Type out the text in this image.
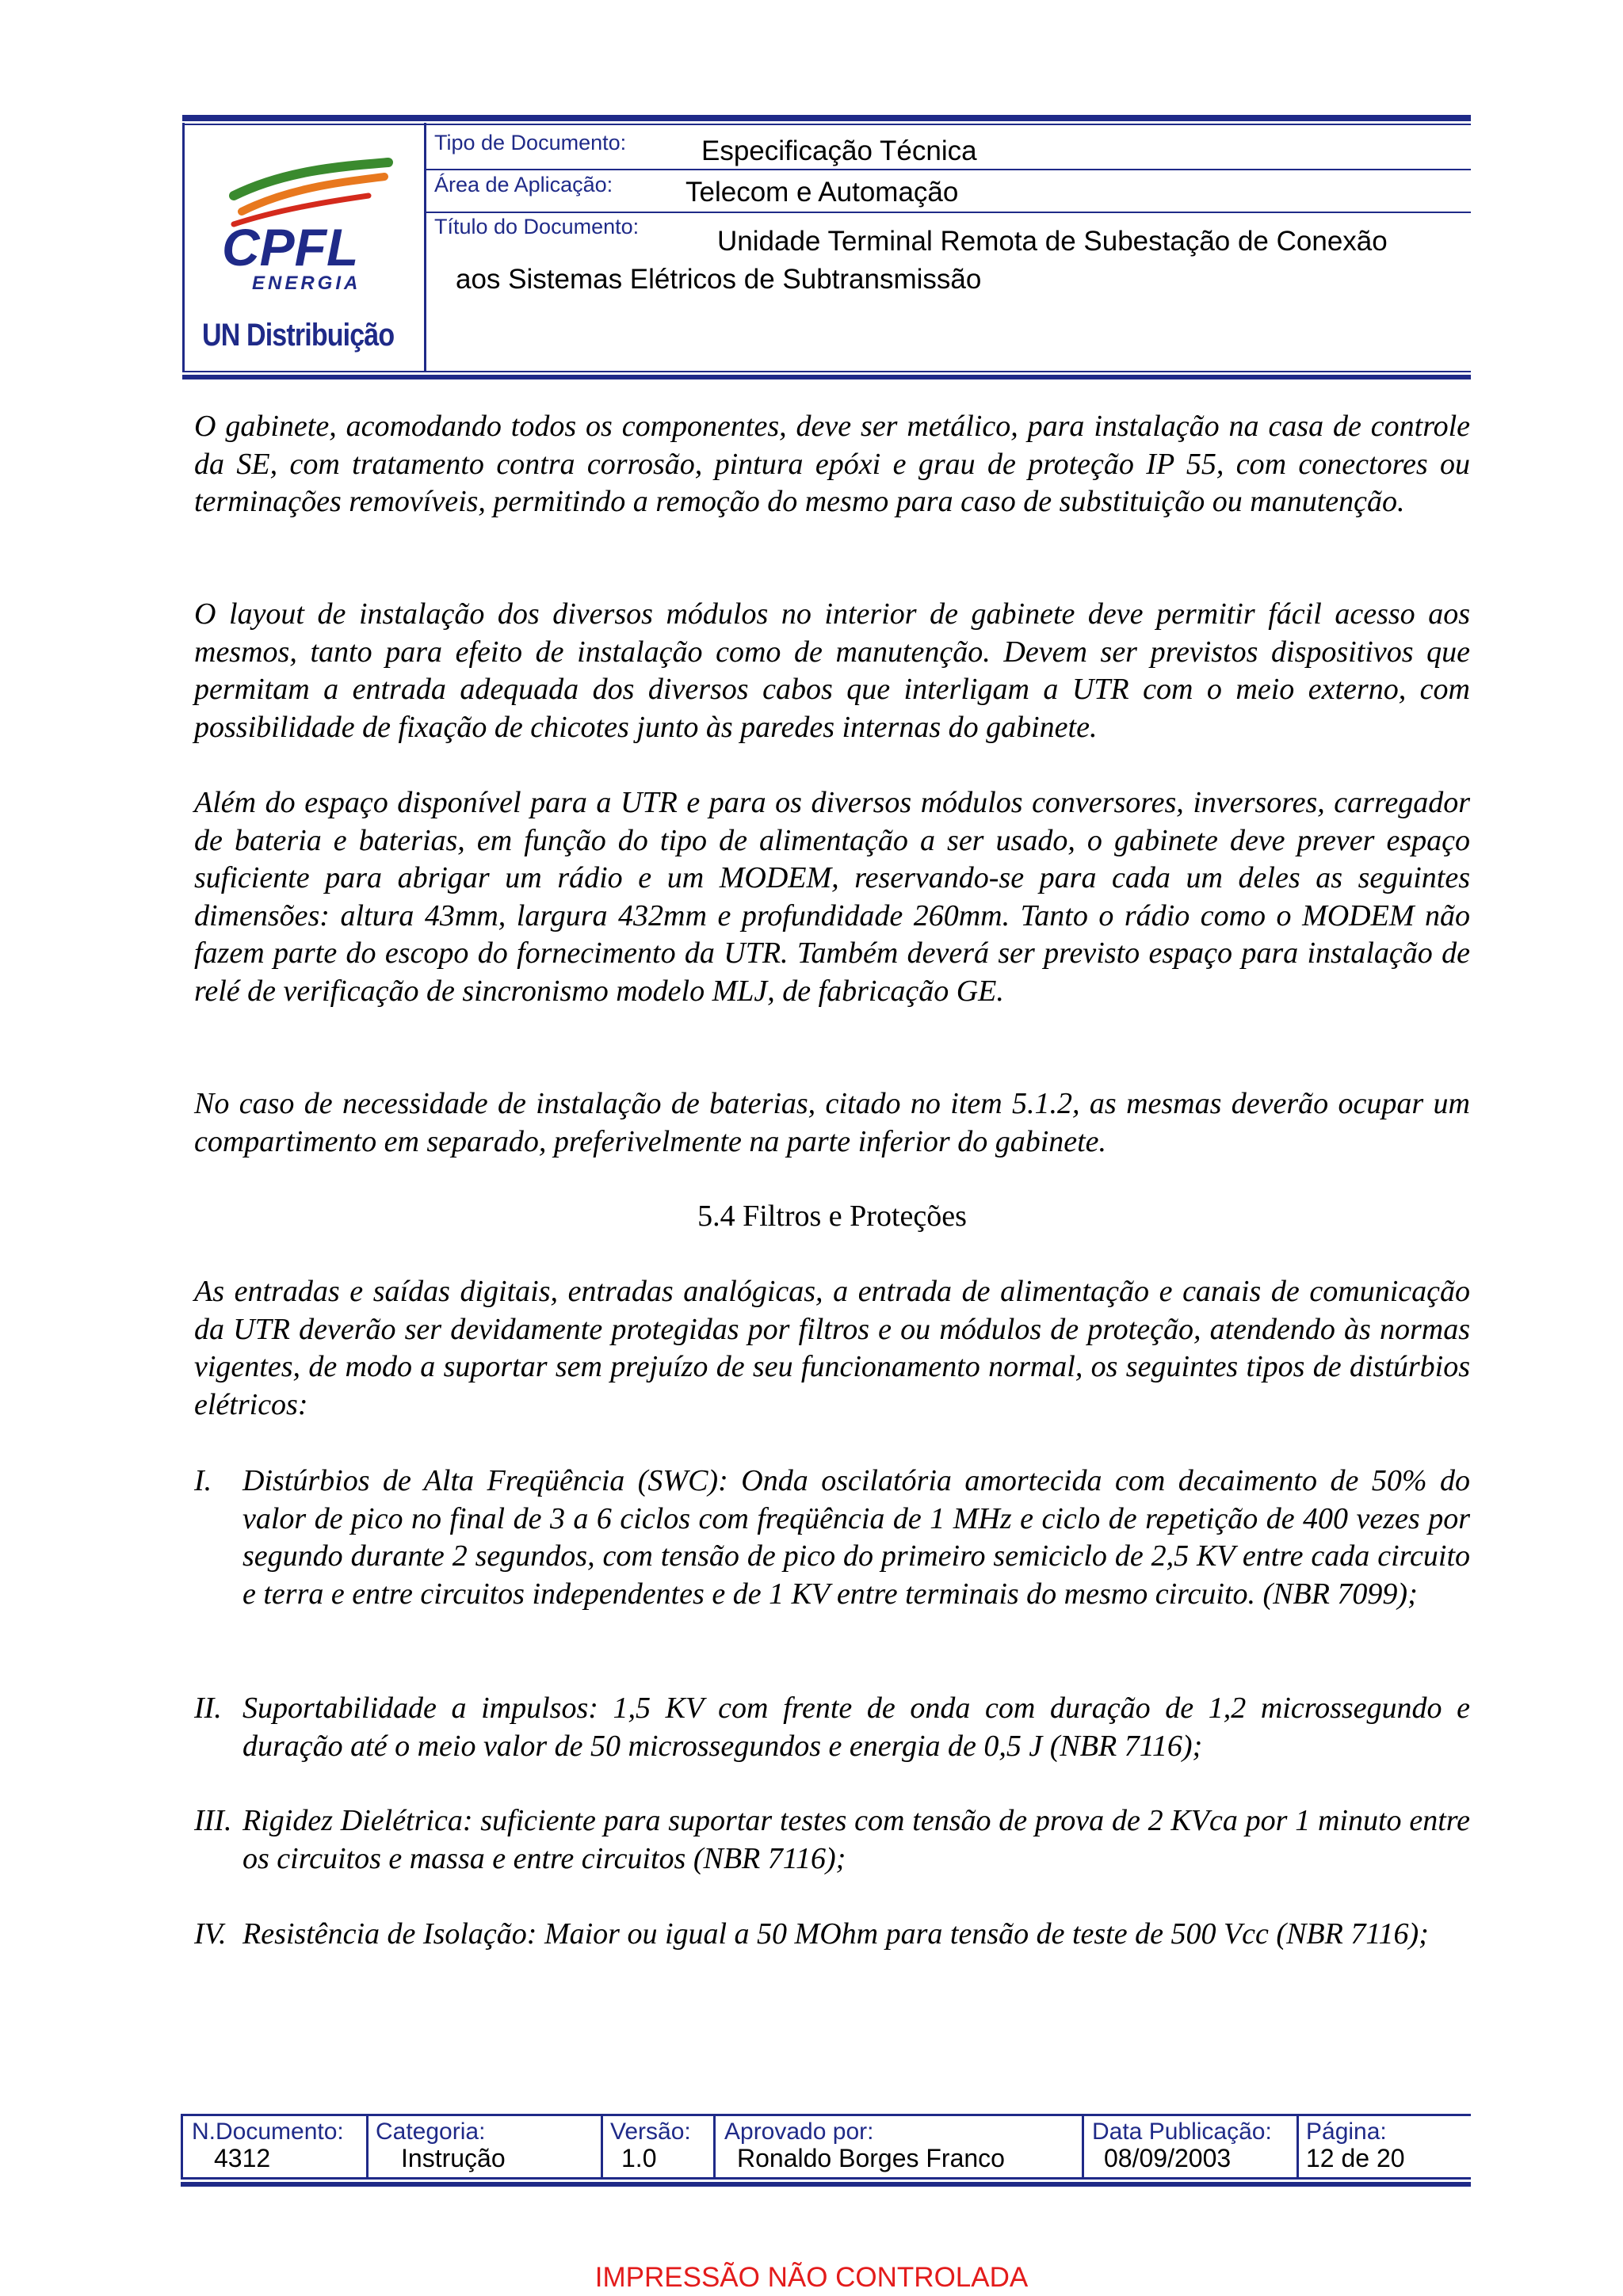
CPFL
ENERGIA
UN Distribuição
Tipo de Documento:	Especificação Técnica
Área de Aplicação:	Telecom e Automação
Título do Documento:	Unidade Terminal Remota de Subestação de Conexão
aos Sistemas Elétricos de Subtransmissão
O gabinete, acomodando todos os componentes, deve ser metálico, para instalação na casa de controle da SE, com tratamento contra corrosão, pintura epóxi e grau de proteção IP 55, com conectores ou terminações removíveis, permitindo a remoção do mesmo para caso de substituição ou manutenção.
O layout de instalação dos diversos módulos no interior de gabinete deve permitir fácil acesso aos mesmos, tanto para efeito de instalação como de manutenção. Devem ser previstos dispositivos que permitam a entrada adequada dos diversos cabos que interligam a UTR com o meio externo, com possibilidade de fixação de chicotes junto às paredes internas do gabinete.
Além do espaço disponível para a UTR e para os diversos módulos conversores, inversores, carregador de bateria e baterias, em função do tipo de alimentação a ser usado, o gabinete deve prever espaço suficiente para abrigar um rádio e um MODEM, reservando-se para cada um deles as seguintes dimensões: altura 43mm, largura 432mm e profundidade 260mm. Tanto o rádio como o MODEM não fazem parte do escopo do fornecimento da UTR. Também deverá ser previsto espaço para instalação de relé de verificação de sincronismo modelo MLJ, de fabricação GE.
No caso de necessidade de instalação de baterias, citado no item 5.1.2, as mesmas deverão ocupar um compartimento em separado, preferivelmente na parte inferior do gabinete.
5.4 Filtros e Proteções
As entradas e saídas digitais, entradas analógicas, a entrada de alimentação e canais de comunicação da UTR deverão ser devidamente protegidas por filtros e ou módulos de proteção, atendendo às normas vigentes, de modo a suportar sem prejuízo de seu funcionamento normal, os seguintes tipos de distúrbios elétricos:
I. Distúrbios de Alta Freqüência (SWC): Onda oscilatória amortecida com decaimento de 50% do valor de pico no final de 3 a 6 ciclos com freqüência de 1 MHz e ciclo de repetição de 400 vezes por segundo durante 2 segundos, com tensão de pico do primeiro semiciclo de 2,5 KV entre cada circuito e terra e entre circuitos independentes e de 1 KV entre terminais do mesmo circuito. (NBR 7099);
II. Suportabilidade a impulsos: 1,5 KV com frente de onda com duração de 1,2 microssegundo e duração até o meio valor de 50 microssegundos e energia de 0,5 J (NBR 7116);
III. Rigidez Dielétrica: suficiente para suportar testes com tensão de prova de 2 KVca por 1 minuto entre os circuitos e massa e entre circuitos (NBR 7116);
IV. Resistência de Isolação: Maior ou igual a 50 MOhm para tensão de teste de 500 Vcc (NBR 7116);
N.Documento:
4312
Categoria:
Instrução
Versão:
1.0
Aprovado por:
Ronaldo Borges Franco
Data Publicação:
08/09/2003
Página:
12 de 20
IMPRESSÃO NÃO CONTROLADA
